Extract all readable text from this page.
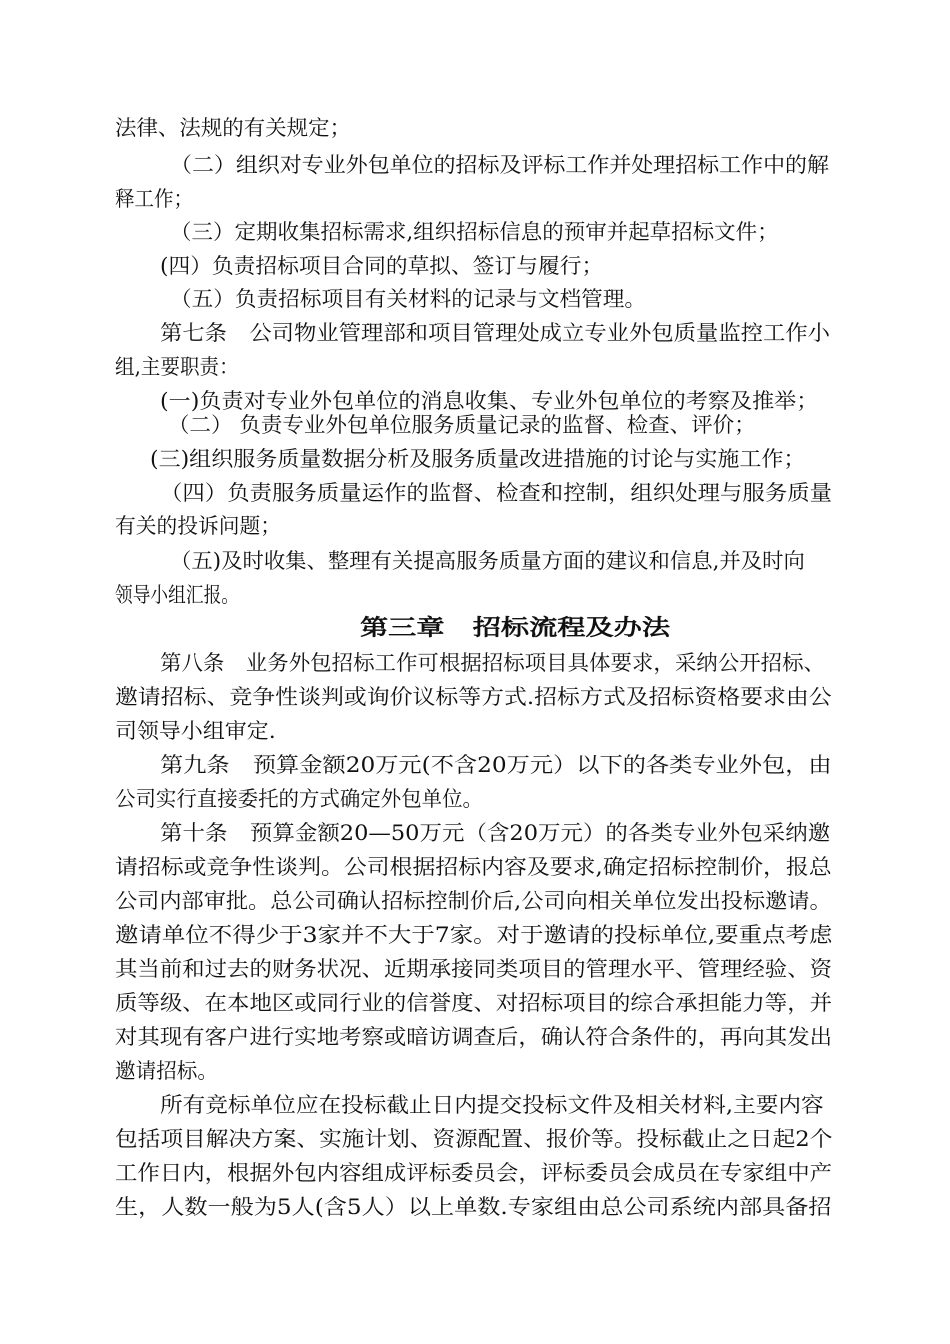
法律、法规的有关规定；
（二）组织对专业外包单位的招标及评标工作并处理招标工作中的解
释工作；
（三）定期收集招标需求,组织招标信息的预审并起草招标文件；
(四）负责招标项目合同的草拟、签订与履行；
（五）负责招标项目有关材料的记录与文档管理。
第七条　公司物业管理部和项目管理处成立专业外包质量监控工作小
组,主要职责：
(一)负责对专业外包单位的消息收集、专业外包单位的考察及推举；
（二） 负责专业外包单位服务质量记录的监督、检查、评价；
(三)组织服务质量数据分析及服务质量改进措施的讨论与实施工作；
（四）负责服务质量运作的监督、检查和控制，组织处理与服务质量
有关的投诉问题；
（五)及时收集、整理有关提高服务质量方面的建议和信息,并及时向
领导小组汇报。
第三章　招标流程及办法
第八条　业务外包招标工作可根据招标项目具体要求，采纳公开招标、
邀请招标、竞争性谈判或询价议标等方式.招标方式及招标资格要求由公
司领导小组审定.
第九条　预算金额20万元(不含20万元）以下的各类专业外包，由
公司实行直接委托的方式确定外包单位。
第十条　预算金额20—50万元（含20万元）的各类专业外包采纳邀
请招标或竞争性谈判。公司根据招标内容及要求,确定招标控制价，报总
公司内部审批。总公司确认招标控制价后,公司向相关单位发出投标邀请。
邀请单位不得少于3家并不大于7家。对于邀请的投标单位,要重点考虑
其当前和过去的财务状况、近期承接同类项目的管理水平、管理经验、资
质等级、在本地区或同行业的信誉度、对招标项目的综合承担能力等，并
对其现有客户进行实地考察或暗访调查后，确认符合条件的，再向其发出
邀请招标。
所有竞标单位应在投标截止日内提交投标文件及相关材料,主要内容
包括项目解决方案、实施计划、资源配置、报价等。投标截止之日起2个
工作日内，根据外包内容组成评标委员会，评标委员会成员在专家组中产
生，人数一般为5人(含5人）以上单数.专家组由总公司系统内部具备招
